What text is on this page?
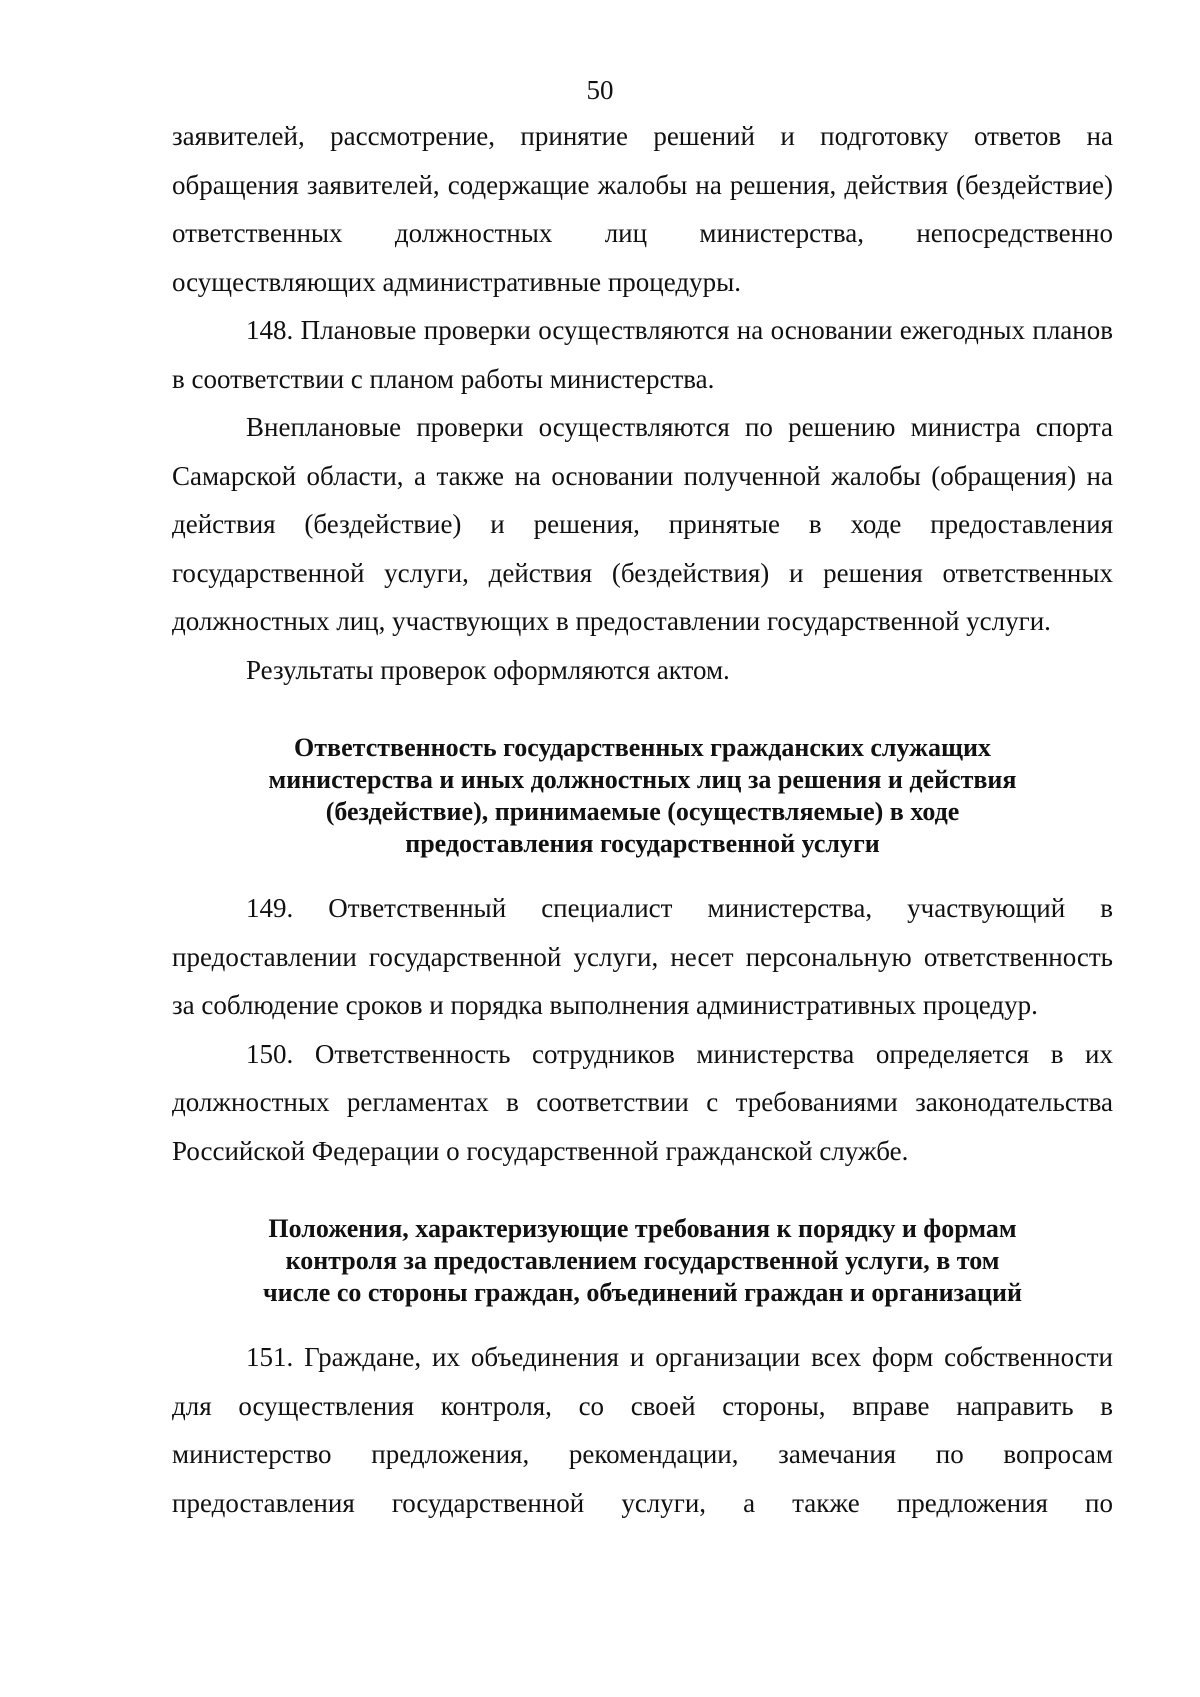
50

заявителей, рассмотрение, принятие решений и подготовку ответов на обращения заявителей, содержащие жалобы на решения, действия (бездействие) ответственных должностных лиц министерства, непосредственно осуществляющих административные процедуры.

148. Плановые проверки осуществляются на основании ежегодных планов в соответствии с планом работы министерства.

Внеплановые проверки осуществляются по решению министра спорта Самарской области, а также на основании полученной жалобы (обращения) на действия (бездействие) и решения, принятые в ходе предоставления государственной услуги, действия (бездействия) и решения ответственных должностных лиц, участвующих в предоставлении государственной услуги.

Результаты проверок оформляются актом.

Ответственность государственных гражданских служащих
министерства и иных должностных лиц за решения и действия
(бездействие), принимаемые (осуществляемые) в ходе
предоставления государственной услуги

149. Ответственный специалист министерства, участвующий в предоставлении государственной услуги, несет персональную ответственность за соблюдение сроков и порядка выполнения административных процедур.

150. Ответственность сотрудников министерства определяется в их должностных регламентах в соответствии с требованиями законодательства Российской Федерации о государственной гражданской службе.

Положения, характеризующие требования к порядку и формам
контроля за предоставлением государственной услуги, в том
числе со стороны граждан, объединений граждан и организаций

151. Граждане, их объединения и организации всех форм собственности для осуществления контроля, со своей стороны, вправе направить в министерство предложения, рекомендации, замечания по вопросам предоставления государственной услуги, а также предложения по
